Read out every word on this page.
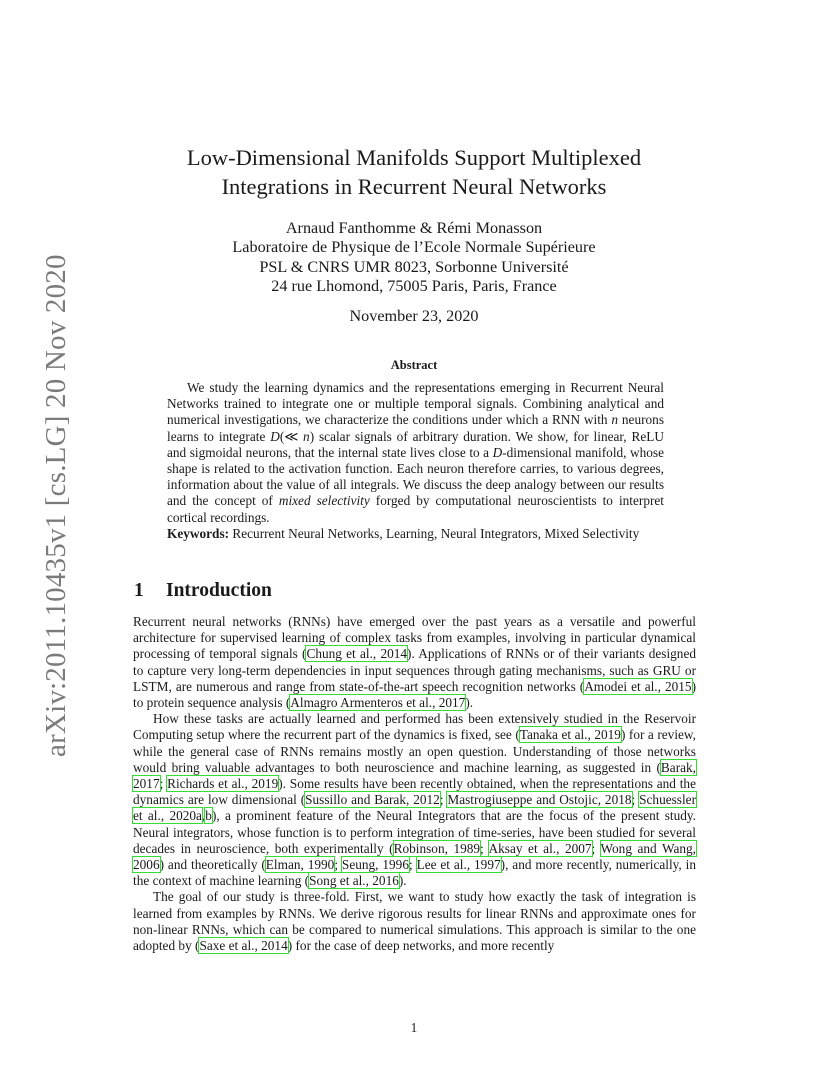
arXiv:2011.10435v1 [cs.LG] 20 Nov 2020
Low-Dimensional Manifolds Support Multiplexed
Integrations in Recurrent Neural Networks
Arnaud Fanthomme & Rémi Monasson
Laboratoire de Physique de l’Ecole Normale Supérieure
PSL & CNRS UMR 8023, Sorbonne Université
24 rue Lhomond, 75005 Paris, Paris, France
November 23, 2020
Abstract

We study the learning dynamics and the representations emerging in Recurrent Neural Networks trained to integrate one or multiple temporal signals. Combining analytical and numerical investigations, we characterize the conditions under which a RNN with n neurons learns to integrate D(≪ n) scalar signals of arbitrary duration. We show, for linear, ReLU and sigmoidal neurons, that the internal state lives close to a D-dimensional manifold, whose shape is related to the activation function. Each neuron therefore carries, to various degrees, information about the value of all integrals. We discuss the deep analogy between our results and the concept of mixed selectivity forged by computational neuroscientists to interpret cortical recordings.

Keywords: Recurrent Neural Networks, Learning, Neural Integrators, Mixed Selectivity

1 Introduction

Recurrent neural networks (RNNs) have emerged over the past years as a versatile and powerful architecture for supervised learning of complex tasks from examples, involving in particular dynamical processing of temporal signals (Chung et al., 2014). Applications of RNNs or of their variants designed to capture very long-term dependencies in input sequences through gating mechanisms, such as GRU or LSTM, are numerous and range from state-of-the-art speech recognition networks (Amodei et al., 2015) to protein sequence analysis (Almagro Armenteros et al., 2017).

How these tasks are actually learned and performed has been extensively studied in the Reservoir Computing setup where the recurrent part of the dynamics is fixed, see (Tanaka et al., 2019) for a review, while the general case of RNNs remains mostly an open question. Understanding of those networks would bring valuable advantages to both neuroscience and machine learning, as suggested in (Barak, 2017; Richards et al., 2019). Some results have been recently obtained, when the representations and the dynamics are low dimensional (Sussillo and Barak, 2012; Mastrogiuseppe and Ostojic, 2018; Schuessler et al., 2020a,b), a prominent feature of the Neural Integrators that are the focus of the present study. Neural integrators, whose function is to perform integration of time-series, have been studied for several decades in neuroscience, both experimentally (Robinson, 1989; Aksay et al., 2007; Wong and Wang, 2006) and theoretically (Elman, 1990; Seung, 1996; Lee et al., 1997), and more recently, numerically, in the context of machine learning (Song et al., 2016).

The goal of our study is three-fold. First, we want to study how exactly the task of integration is learned from examples by RNNs. We derive rigorous results for linear RNNs and approximate ones for non-linear RNNs, which can be compared to numerical simulations. This approach is similar to the one adopted by (Saxe et al., 2014) for the case of deep networks, and more recently

1
